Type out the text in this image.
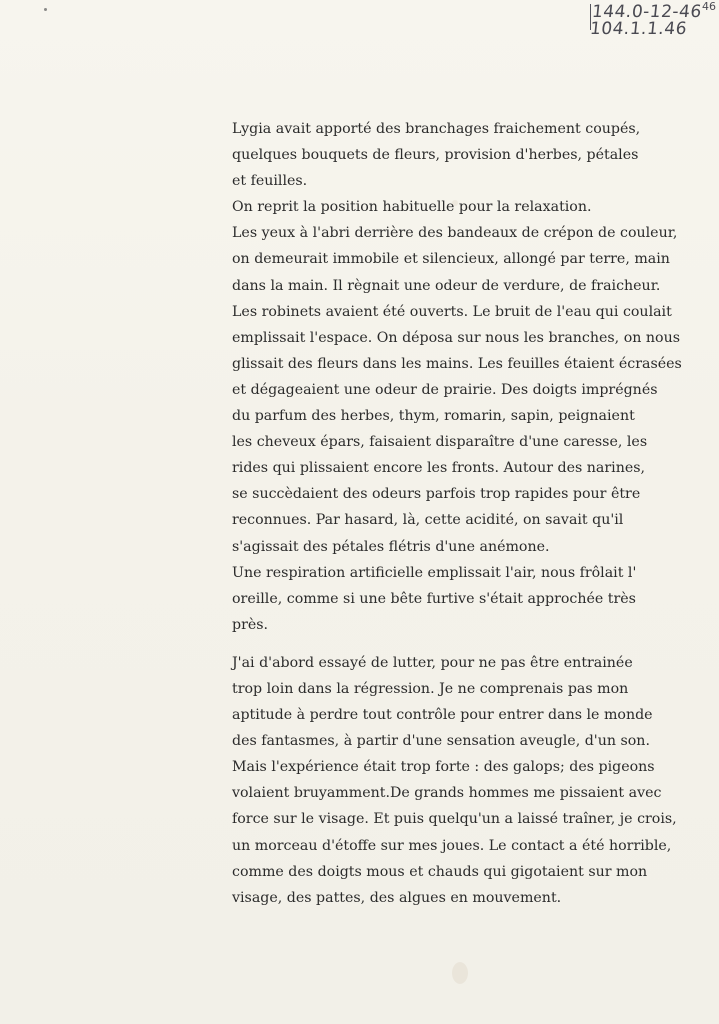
144.0-12-46
104.1.1.46
46
Lygia avait apporté des branchages fraichement coupés,
quelques bouquets de fleurs, provision d'herbes, pétales
et feuilles.
On reprit la position habituelle pour la relaxation.
Les yeux à l'abri derrière des bandeaux de crépon de couleur,
on demeurait immobile et silencieux, allongé par terre, main
dans la main. Il règnait une odeur de verdure, de fraicheur.
Les robinets avaient été ouverts. Le bruit de l'eau qui coulait
emplissait l'espace. On déposa sur nous les branches, on nous
glissait des fleurs dans les mains. Les feuilles étaient écrasées
et dégageaient une odeur de prairie. Des doigts imprégnés
du parfum des herbes, thym, romarin, sapin, peignaient
les cheveux épars, faisaient disparaître d'une caresse, les
rides qui plissaient encore les fronts. Autour des narines,
se succèdaient des odeurs parfois trop rapides pour être
reconnues. Par hasard, là, cette acidité, on savait qu'il
s'agissait des pétales flétris d'une anémone.
Une respiration artificielle emplissait l'air, nous frôlait l'
oreille, comme si une bête furtive s'était approchée très
près.
J'ai d'abord essayé de lutter, pour ne pas être entrainée
trop loin dans la régression. Je ne comprenais pas mon
aptitude à perdre tout contrôle pour entrer dans le monde
des fantasmes, à partir d'une sensation aveugle, d'un son.
Mais l'expérience était trop forte : des galops; des pigeons
volaient bruyamment.De grands hommes me pissaient avec
force sur le visage. Et puis quelqu'un a laissé traîner, je crois,
un morceau d'étoffe sur mes joues. Le contact a été horrible,
comme des doigts mous et chauds qui gigotaient sur mon
visage, des pattes, des algues en mouvement.
